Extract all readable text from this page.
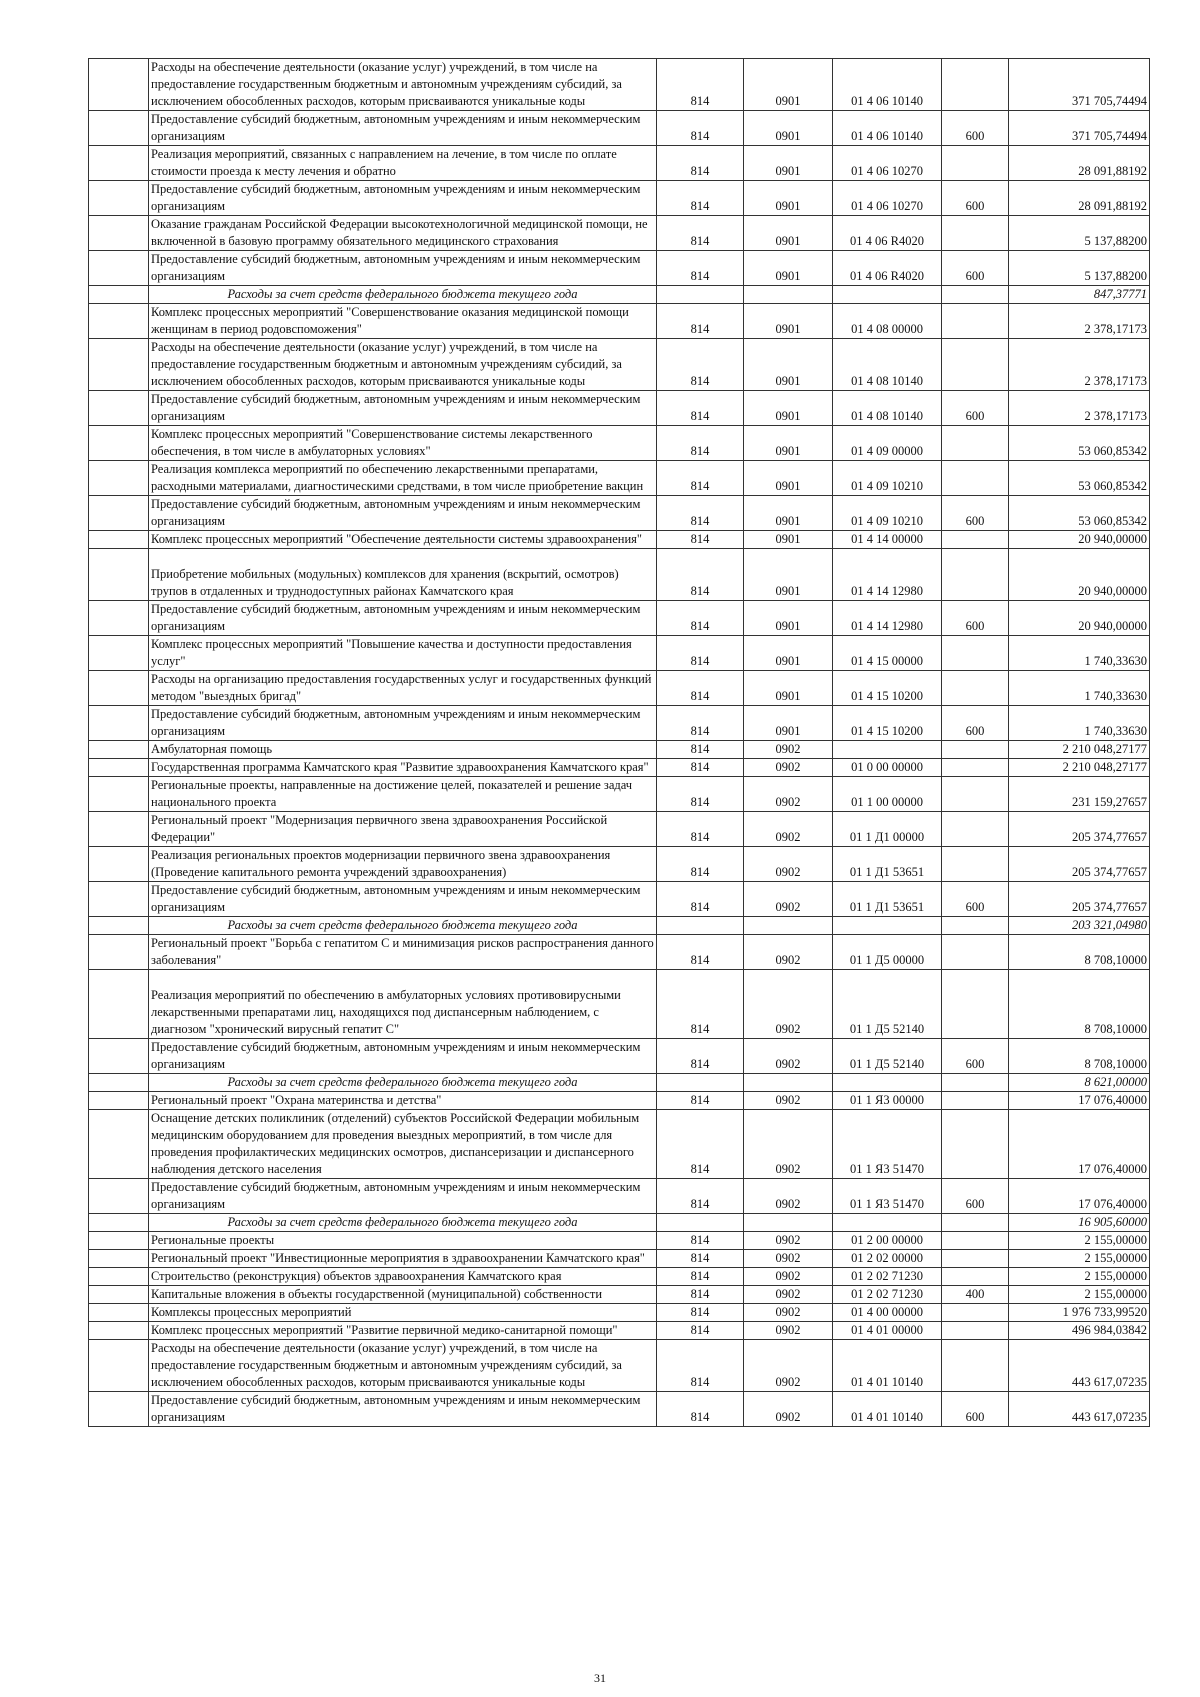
	Расходы на обеспечение деятельности (оказание услуг) учреждений, в том числе на предоставление государственным бюджетным и автономным учреждениям субсидий, за исключением обособленных расходов, которым присваиваются уникальные коды	814	0901	01 4 06 10140		371 705,74494
	Предоставление субсидий бюджетным, автономным учреждениям и иным некоммерческим организациям	814	0901	01 4 06 10140	600	371 705,74494
	Реализация мероприятий, связанных с направлением на лечение, в том числе по оплате стоимости проезда к месту лечения и обратно	814	0901	01 4 06 10270		28 091,88192
	Предоставление субсидий бюджетным, автономным учреждениям и иным некоммерческим организациям	814	0901	01 4 06 10270	600	28 091,88192
	Оказание гражданам Российской Федерации высокотехнологичной медицинской помощи, не включенной в базовую программу обязательного медицинского страхования	814	0901	01 4 06 R4020		5 137,88200
	Предоставление субсидий бюджетным, автономным учреждениям и иным некоммерческим организациям	814	0901	01 4 06 R4020	600	5 137,88200
	Расходы за счет средств федерального бюджета текущего года					847,37771
	Комплекс процессных мероприятий "Совершенствование оказания медицинской помощи женщинам в период родовспоможения"	814	0901	01 4 08 00000		2 378,17173
	Расходы на обеспечение деятельности (оказание услуг) учреждений, в том числе на предоставление государственным бюджетным и автономным учреждениям субсидий, за исключением обособленных расходов, которым присваиваются уникальные коды	814	0901	01 4 08 10140		2 378,17173
	Предоставление субсидий бюджетным, автономным учреждениям и иным некоммерческим организациям	814	0901	01 4 08 10140	600	2 378,17173
	Комплекс процессных мероприятий "Совершенствование системы лекарственного обеспечения, в том числе в амбулаторных условиях"	814	0901	01 4 09 00000		53 060,85342
	Реализация комплекса мероприятий по обеспечению лекарственными препаратами, расходными материалами, диагностическими средствами, в том числе приобретение вакцин	814	0901	01 4 09 10210		53 060,85342
	Предоставление субсидий бюджетным, автономным учреждениям и иным некоммерческим организациям	814	0901	01 4 09 10210	600	53 060,85342
	Комплекс процессных мероприятий "Обеспечение деятельности системы здравоохранения"	814	0901	01 4 14 00000		20 940,00000
	Приобретение мобильных (модульных) комплексов для хранения (вскрытий, осмотров) трупов в отдаленных и труднодоступных районах Камчатского края	814	0901	01 4 14 12980		20 940,00000
	Предоставление субсидий бюджетным, автономным учреждениям и иным некоммерческим организациям	814	0901	01 4 14 12980	600	20 940,00000
	Комплекс процессных мероприятий "Повышение качества и доступности предоставления услуг"	814	0901	01 4 15 00000		1 740,33630
	Расходы на организацию предоставления государственных услуг и государственных функций методом "выездных бригад"	814	0901	01 4 15 10200		1 740,33630
	Предоставление субсидий бюджетным, автономным учреждениям и иным некоммерческим организациям	814	0901	01 4 15 10200	600	1 740,33630
	Амбулаторная помощь	814	0902			2 210 048,27177
	Государственная программа Камчатского края "Развитие здравоохранения Камчатского края"	814	0902	01 0 00 00000		2 210 048,27177
	Региональные проекты, направленные на достижение целей, показателей и решение задач национального проекта	814	0902	01 1 00 00000		231 159,27657
	Региональный проект "Модернизация первичного звена здравоохранения Российской Федерации"	814	0902	01 1 Д1 00000		205 374,77657
	Реализация региональных проектов модернизации первичного звена здравоохранения (Проведение капитального ремонта учреждений здравоохранения)	814	0902	01 1 Д1 53651		205 374,77657
	Предоставление субсидий бюджетным, автономным учреждениям и иным некоммерческим организациям	814	0902	01 1 Д1 53651	600	205 374,77657
	Расходы за счет средств федерального бюджета текущего года					203 321,04980
	Региональный проект "Борьба с гепатитом С и минимизация рисков распространения данного заболевания"	814	0902	01 1 Д5 00000		8 708,10000
	Реализация мероприятий по обеспечению в амбулаторных условиях противовирусными лекарственными препаратами лиц, находящихся под диспансерным наблюдением, с диагнозом "хронический вирусный гепатит С"	814	0902	01 1 Д5 52140		8 708,10000
	Предоставление субсидий бюджетным, автономным учреждениям и иным некоммерческим организациям	814	0902	01 1 Д5 52140	600	8 708,10000
	Расходы за счет средств федерального бюджета текущего года					8 621,00000
	Региональный проект "Охрана материнства и детства"	814	0902	01 1 Я3 00000		17 076,40000
	Оснащение детских поликлиник (отделений) субъектов Российской Федерации мобильным медицинским оборудованием для проведения выездных мероприятий, в том числе для проведения профилактических медицинских осмотров, диспансеризации и диспансерного наблюдения детского населения	814	0902	01 1 Я3 51470		17 076,40000
	Предоставление субсидий бюджетным, автономным учреждениям и иным некоммерческим организациям	814	0902	01 1 Я3 51470	600	17 076,40000
	Расходы за счет средств федерального бюджета текущего года					16 905,60000
	Региональные проекты	814	0902	01 2 00 00000		2 155,00000
	Региональный проект "Инвестиционные мероприятия в здравоохранении Камчатского края"	814	0902	01 2 02 00000		2 155,00000
	Строительство (реконструкция) объектов здравоохранения Камчатского края	814	0902	01 2 02 71230		2 155,00000
	Капитальные вложения в объекты государственной (муниципальной) собственности	814	0902	01 2 02 71230	400	2 155,00000
	Комплексы процессных мероприятий	814	0902	01 4 00 00000		1 976 733,99520
	Комплекс процессных мероприятий "Развитие первичной медико-санитарной помощи"	814	0902	01 4 01 00000		496 984,03842
	Расходы на обеспечение деятельности (оказание услуг) учреждений, в том числе на предоставление государственным бюджетным и автономным учреждениям субсидий, за исключением обособленных расходов, которым присваиваются уникальные коды	814	0902	01 4 01 10140		443 617,07235
	Предоставление субсидий бюджетным, автономным учреждениям и иным некоммерческим организациям	814	0902	01 4 01 10140	600	443 617,07235
31
